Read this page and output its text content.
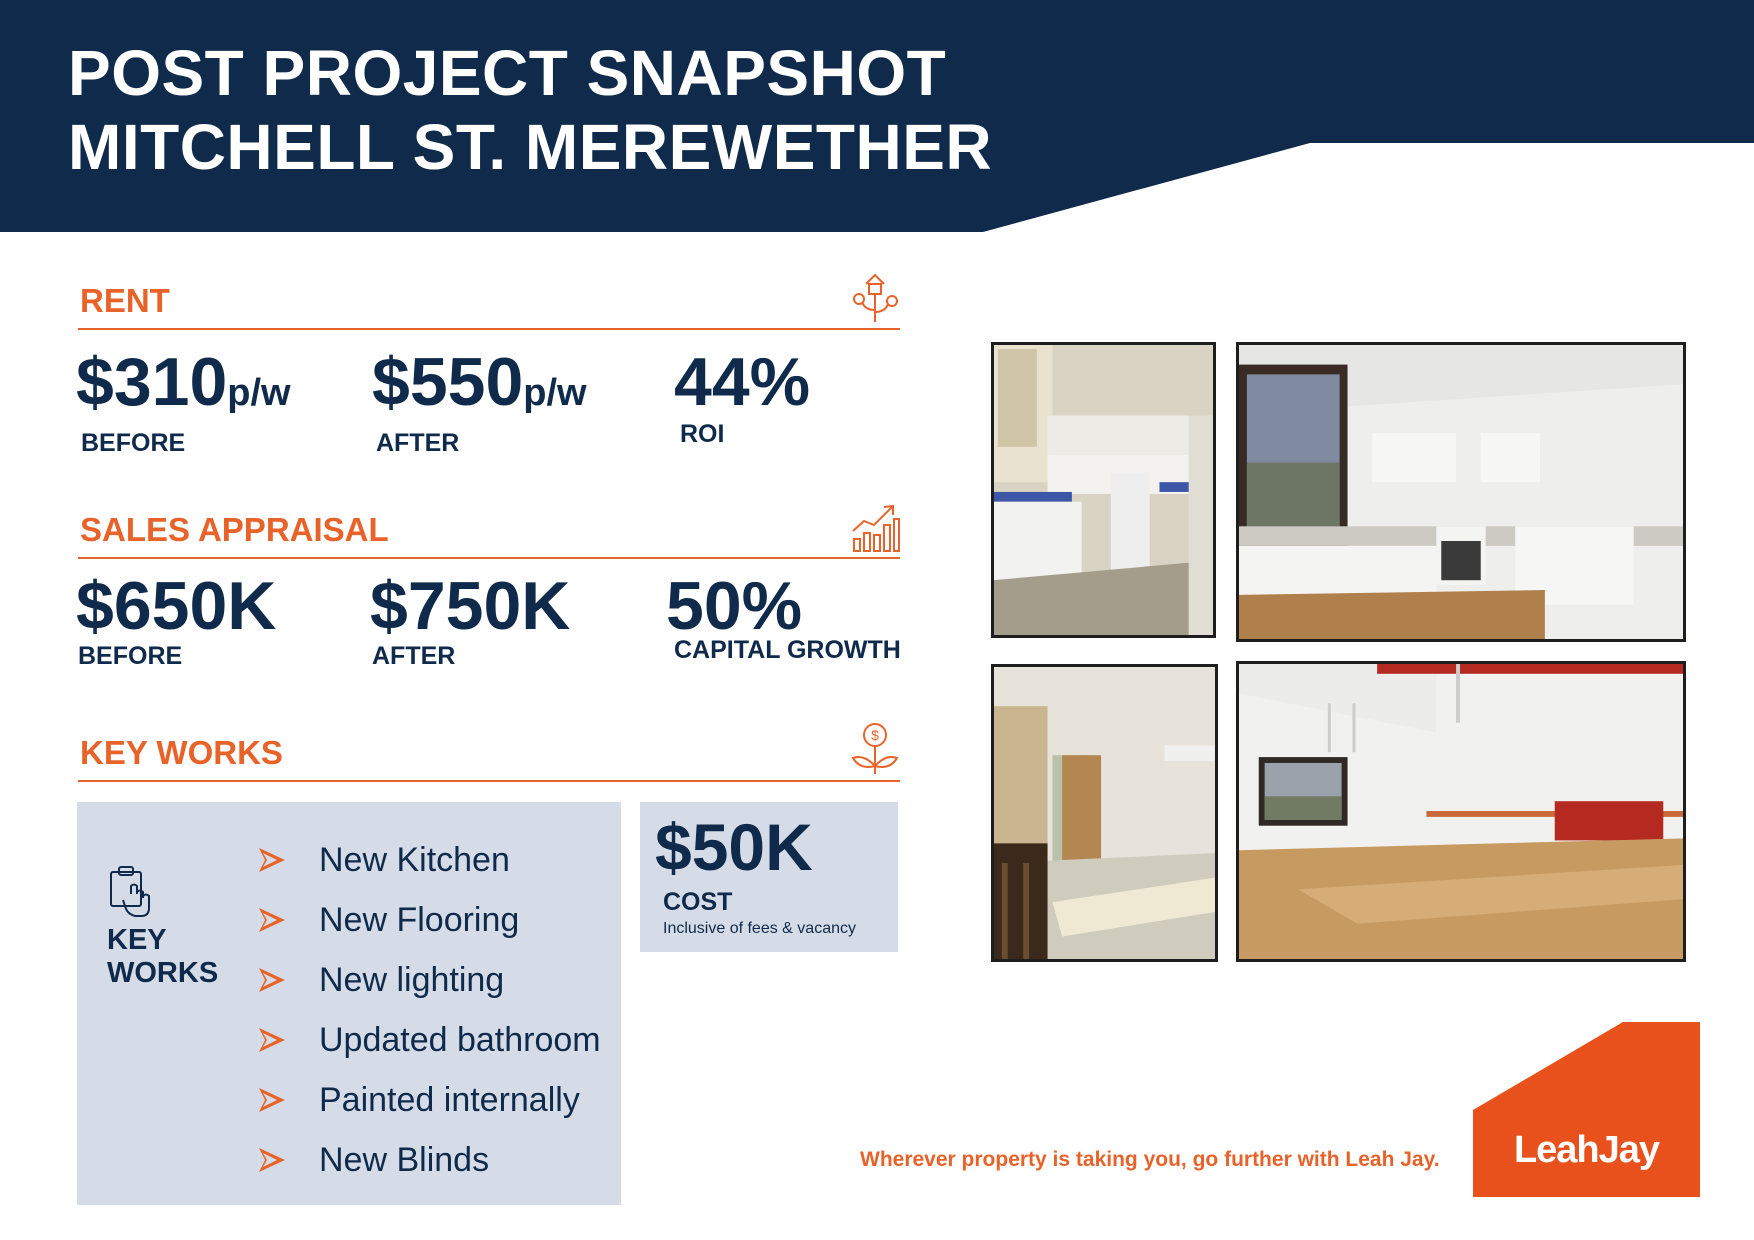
POST PROJECT SNAPSHOT
MITCHELL ST. MEREWETHER
RENT
$310p/w
BEFORE
$550p/w
AFTER
44%
ROI
SALES APPRAISAL
$650K
BEFORE
$750K
AFTER
50%
CAPITAL GROWTH
KEY WORKS	$
KEY
WORKS
New Kitchen
New Flooring
New lighting
Updated bathroom
Painted internally
New Blinds
$50K
COST
Inclusive of fees & vacancy
Wherever property is taking you, go further with Leah Jay.	LeahJay
